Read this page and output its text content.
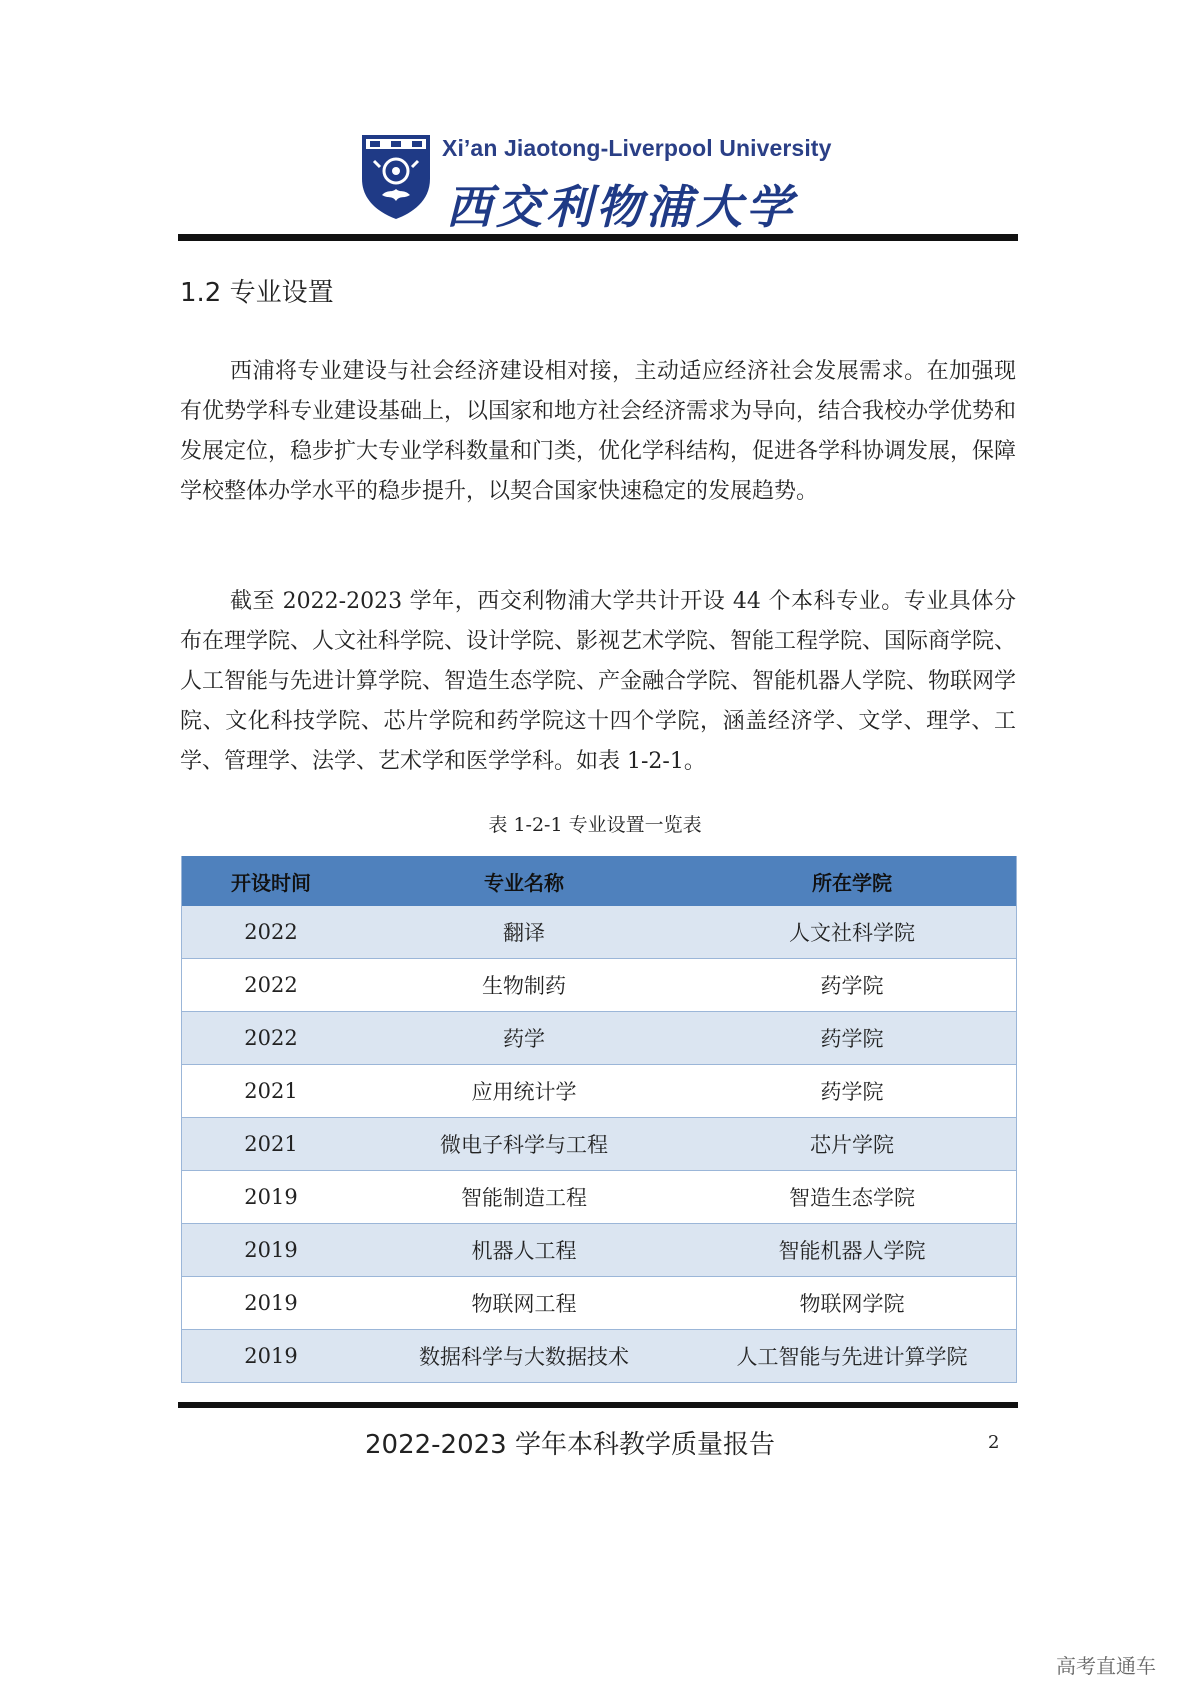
Xi’an Jiaotong-Liverpool University
西交利物浦大学
1.2 专业设置

西浦将专业建设与社会经济建设相对接，主动适应经济社会发展需求。在加强现有优势学科专业建设基础上，以国家和地方社会经济需求为导向，结合我校办学优势和发展定位，稳步扩大专业学科数量和门类，优化学科结构，促进各学科协调发展，保障学校整体办学水平的稳步提升，以契合国家快速稳定的发展趋势。

截至 2022-2023 学年，西交利物浦大学共计开设 44 个本科专业。专业具体分布在理学院、人文社科学院、设计学院、影视艺术学院、智能工程学院、国际商学院、人工智能与先进计算学院、智造生态学院、产金融合学院、智能机器人学院、物联网学院、文化科技学院、芯片学院和药学院这十四个学院，涵盖经济学、文学、理学、工学、管理学、法学、艺术学和医学学科。如表 1-2-1。

表 1-2-1 专业设置一览表
开设时间	专业名称	所在学院
2022	翻译	人文社科学院
2022	生物制药	药学院
2022	药学	药学院
2021	应用统计学	药学院
2021	微电子科学与工程	芯片学院
2019	智能制造工程	智造生态学院
2019	机器人工程	智能机器人学院
2019	物联网工程	物联网学院
2019	数据科学与大数据技术	人工智能与先进计算学院
2022-2023 学年本科教学质量报告	2
高考直通车
